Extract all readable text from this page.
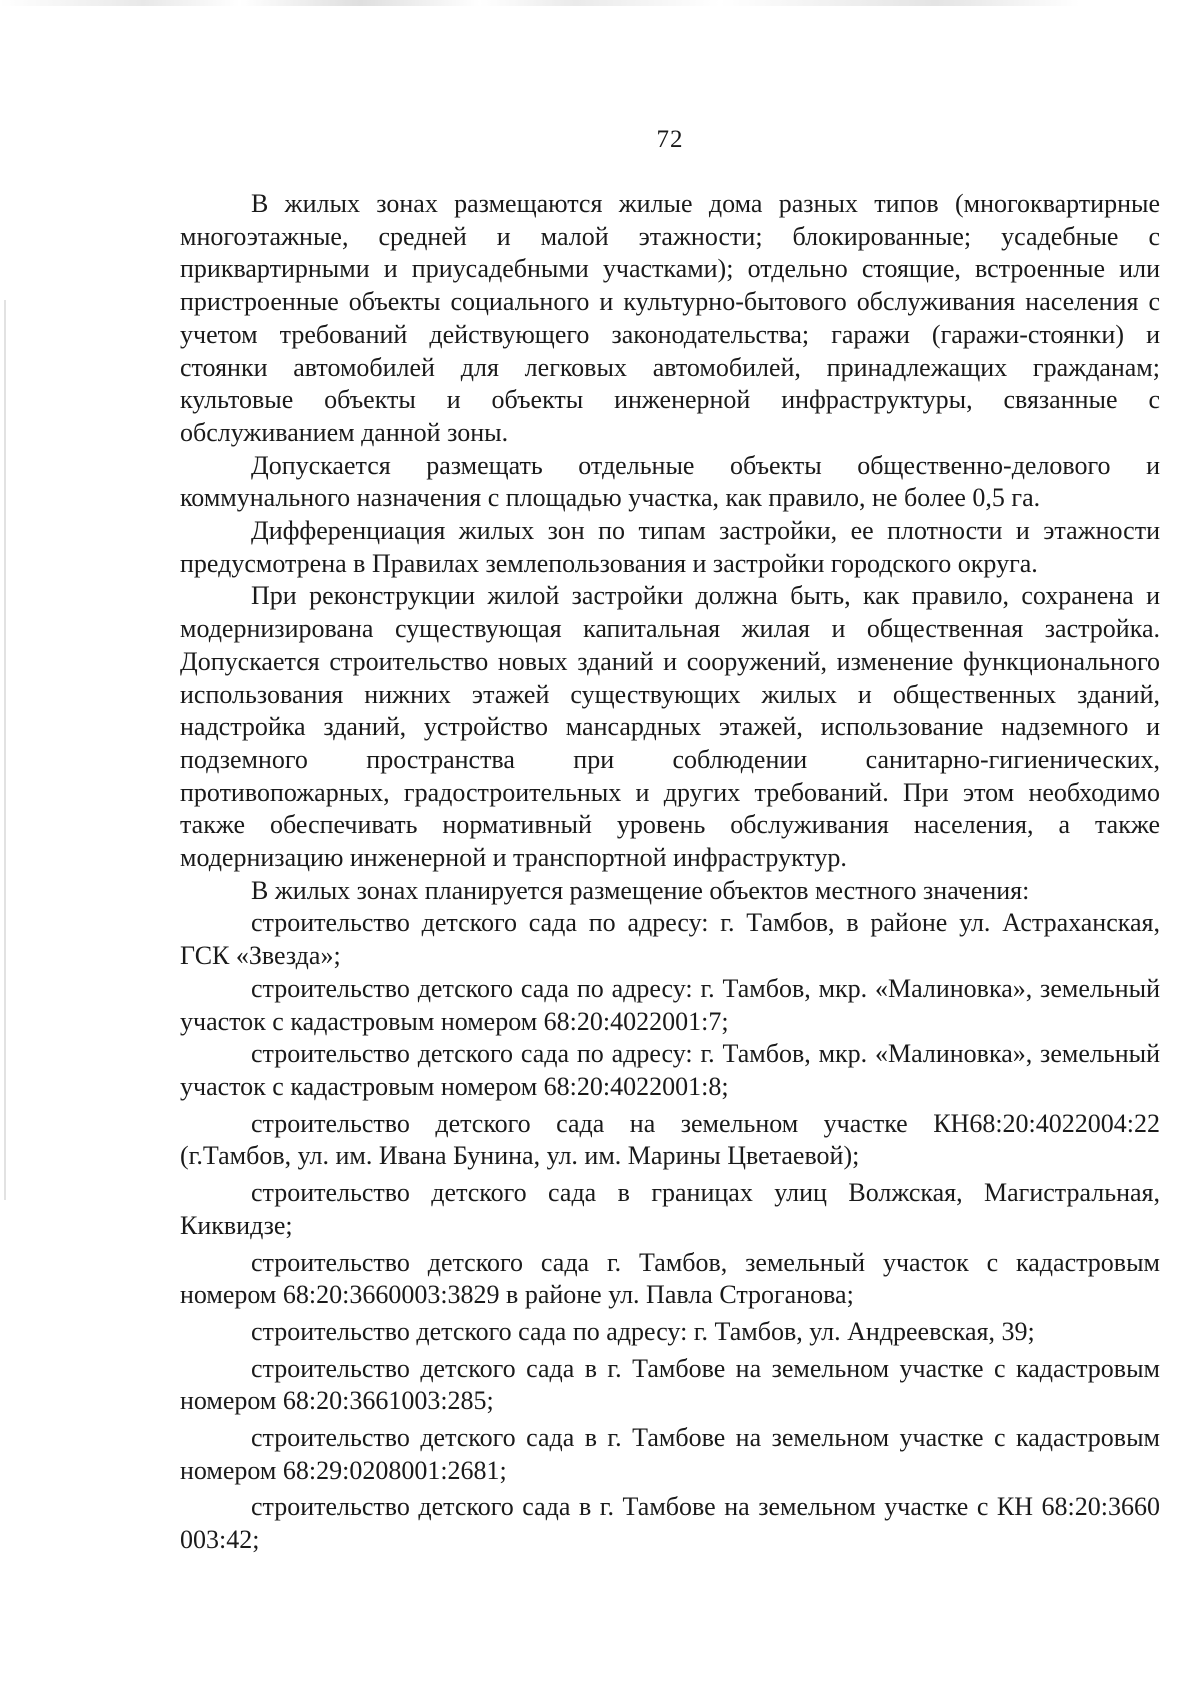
72

В жилых зонах размещаются жилые дома разных типов (многоквартирные многоэтажные, средней и малой этажности; блокированные; усадебные с приквартирными и приусадебными участками); отдельно стоящие, встроенные или пристроенные объекты социального и культурно-бытового обслуживания населения с учетом требований действующего законодательства; гаражи (гаражи-стоянки) и стоянки автомобилей для легковых автомобилей, принадлежащих гражданам; культовые объекты и объекты инженерной инфраструктуры, связанные с обслуживанием данной зоны.

Допускается размещать отдельные объекты общественно-делового и коммунального назначения с площадью участка, как правило, не более 0,5 га.

Дифференциация жилых зон по типам застройки, ее плотности и этажности предусмотрена в Правилах землепользования и застройки городского округа.

При реконструкции жилой застройки должна быть, как правило, сохранена и модернизирована существующая капитальная жилая и общественная застройка. Допускается строительство новых зданий и сооружений, изменение функционального использования нижних этажей существующих жилых и общественных зданий, надстройка зданий, устройство мансардных этажей, использование надземного и подземного пространства при соблюдении санитарно-гигиенических, противопожарных, градостроительных и других требований. При этом необходимо также обеспечивать нормативный уровень обслуживания населения, а также модернизацию инженерной и транспортной инфраструктур.

В жилых зонах планируется размещение объектов местного значения:

строительство детского сада по адресу: г. Тамбов, в районе ул. Астраханская, ГСК «Звезда»;

строительство детского сада по адресу: г. Тамбов, мкр. «Малиновка», земельный участок с кадастровым номером 68:20:4022001:7;

строительство детского сада по адресу: г. Тамбов, мкр. «Малиновка», земельный участок с кадастровым номером 68:20:4022001:8;

строительство детского сада на земельном участке КН68:20:4022004:22 (г.Тамбов, ул. им. Ивана Бунина, ул. им. Марины Цветаевой);

строительство детского сада в границах улиц Волжская, Магистральная, Киквидзе;

строительство детского сада г. Тамбов, земельный участок с кадастровым номером 68:20:3660003:3829 в районе ул. Павла Строганова;

строительство детского сада по адресу: г. Тамбов, ул. Андреевская, 39;

строительство детского сада в г. Тамбове на земельном участке с кадастровым номером 68:20:3661003:285;

строительство детского сада в г. Тамбове на земельном участке с кадастровым номером 68:29:0208001:2681;

строительство детского сада в г. Тамбове на земельном участке с КН 68:20:3660 003:42;
